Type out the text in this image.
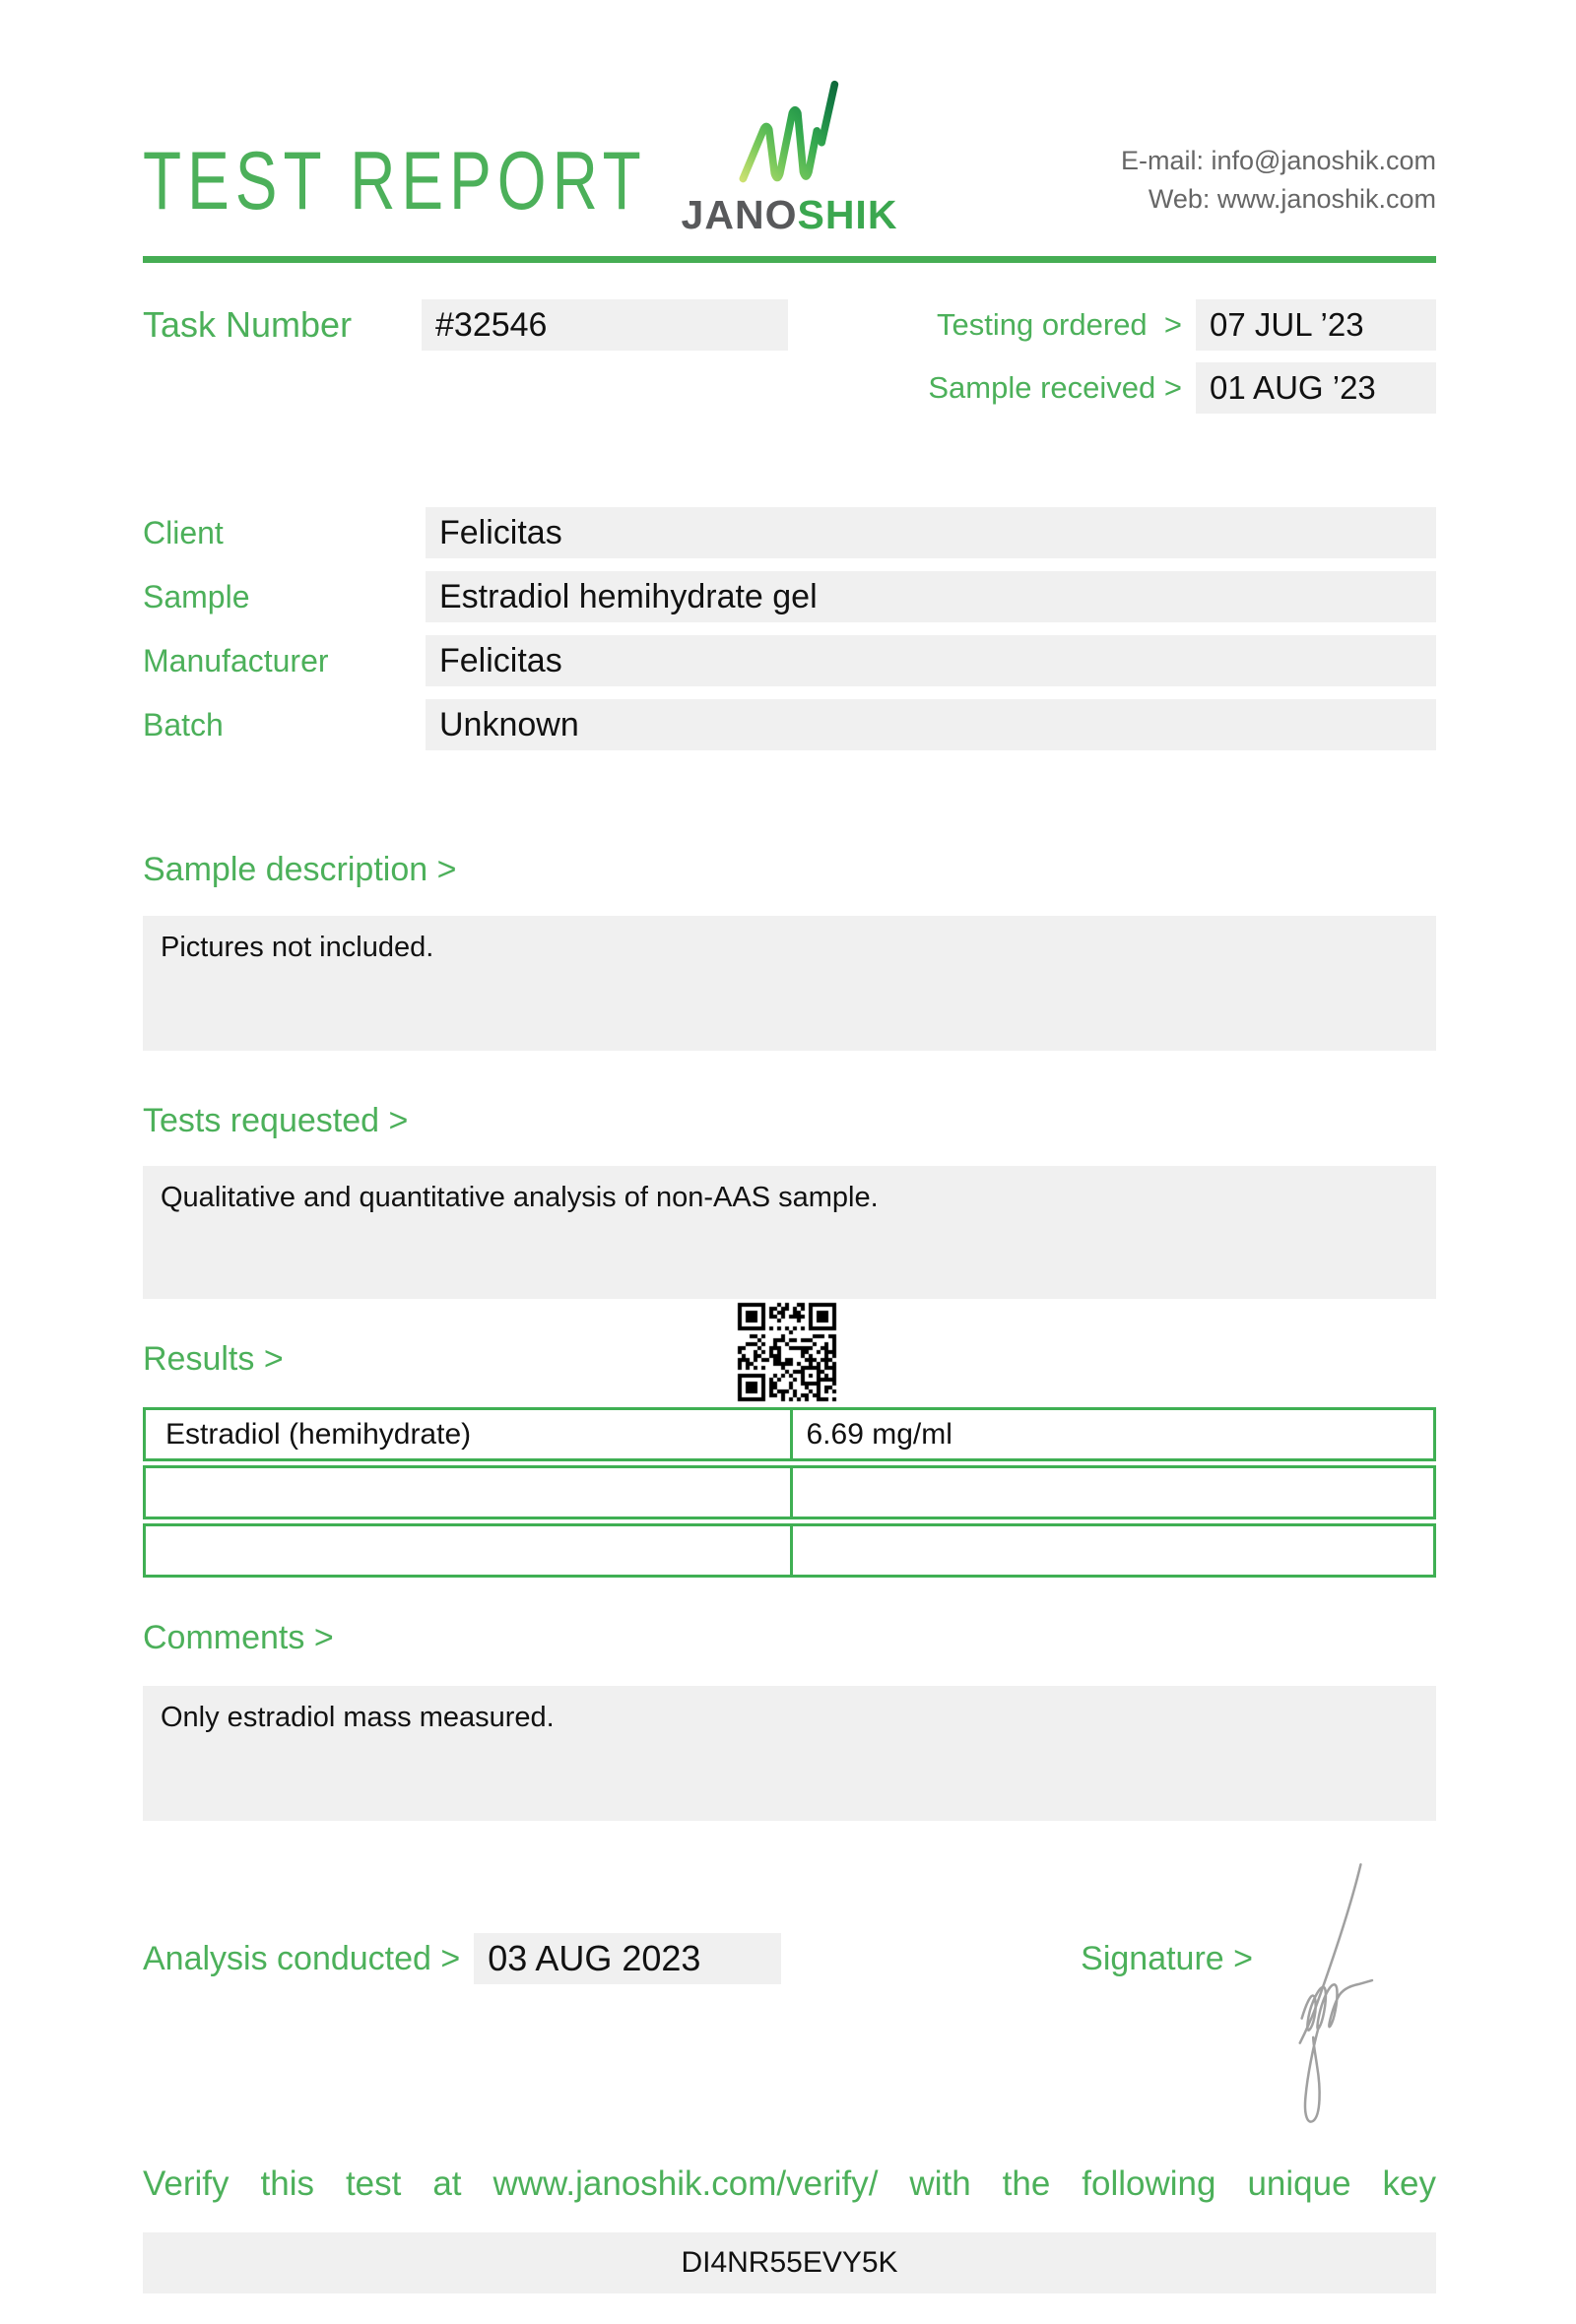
TEST REPORT JANOSHIK
E-mail: info@janoshik.com
Web: www.janoshik.com
Task Number	#32546	Testing ordered  > 07 JUL ’23
Sample received > 01 AUG ’23
Client	Felicitas
Sample	Estradiol hemihydrate gel
Manufacturer	Felicitas
Batch	Unknown
Sample description >
Pictures not included.
Tests requested >
Qualitative and quantitative analysis of non-AAS sample.
Results >
Estradiol (hemihydrate)	6.69 mg/ml
Comments >
Only estradiol mass measured.
Analysis conducted > 03 AUG 2023	Signature >
Verify this test at www.janoshik.com/verify/ with the following unique key
DI4NR55EVY5K
